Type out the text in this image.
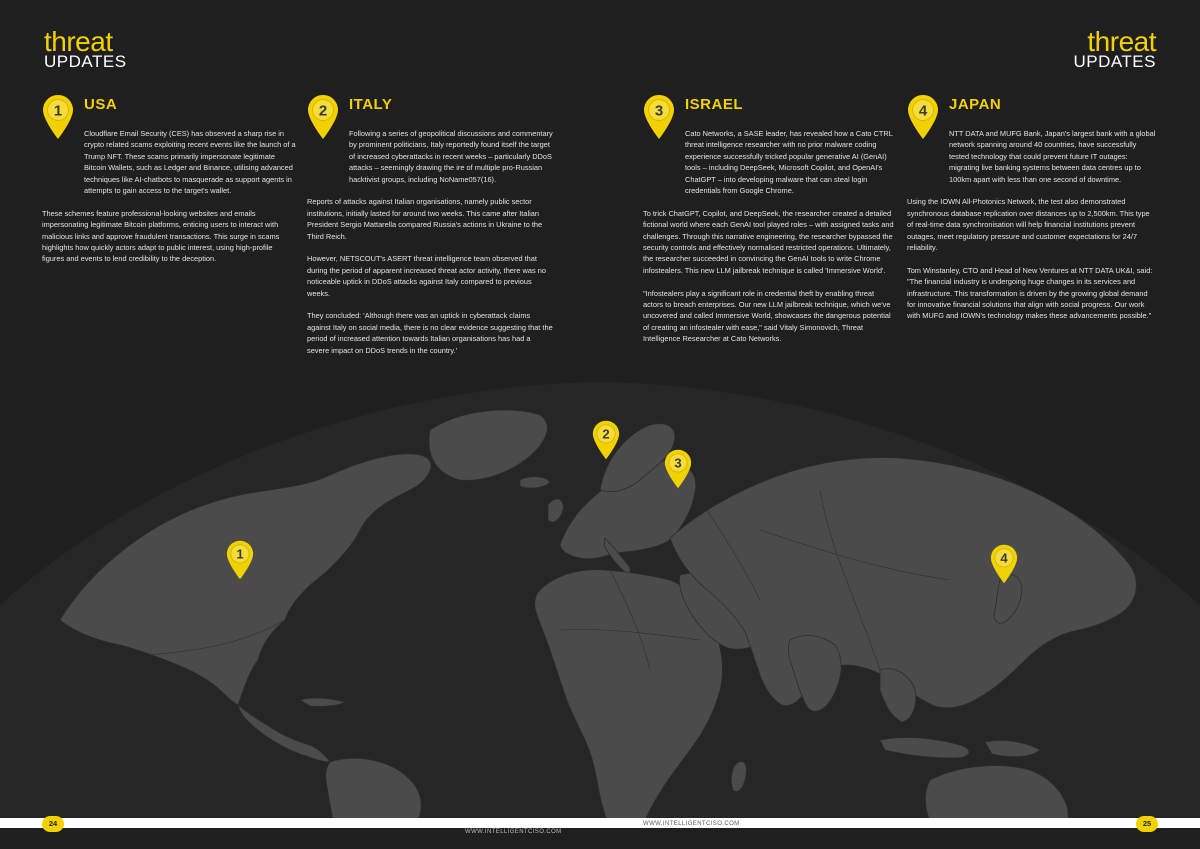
threat
UPDATES
threat
UPDATES
1 USA

Cloudflare Email Security (CES) has observed a sharp rise in crypto related scams exploiting recent events like the launch of a Trump NFT. These scams primarily impersonate legitimate Bitcoin Wallets, such as Ledger and Binance, utilising advanced techniques like AI-chatbots to masquerade as support agents in attempts to gain access to the target's wallet.

These schemes feature professional-looking websites and emails impersonating legitimate Bitcoin platforms, enticing users to interact with malicious links and approve fraudulent transactions. This surge in scams highlights how quickly actors adapt to public interest, using high-profile figures and events to lend credibility to the deception.

2 ITALY

Following a series of geopolitical discussions and commentary by prominent politicians, Italy reportedly found itself the target of increased cyberattacks in recent weeks – particularly DDoS attacks – seemingly drawing the ire of multiple pro-Russian hacktivist groups, including NoName057(16).

Reports of attacks against Italian organisations, namely public sector institutions, initially lasted for around two weeks. This came after Italian President Sergio Mattarella compared Russia's actions in Ukraine to the Third Reich.

However, NETSCOUT's ASERT threat intelligence team observed that during the period of apparent increased threat actor activity, there was no noticeable uptick in DDoS attacks against Italy compared to previous weeks.

They concluded: 'Although there was an uptick in cyberattack claims against Italy on social media, there is no clear evidence suggesting that the period of increased attention towards Italian organisations has had a severe impact on DDoS trends in the country.'

3 ISRAEL

Cato Networks, a SASE leader, has revealed how a Cato CTRL threat intelligence researcher with no prior malware coding experience successfully tricked popular generative AI (GenAI) tools – including DeepSeek, Microsoft Copilot, and OpenAI's ChatGPT – into developing malware that can steal login credentials from Google Chrome.

To trick ChatGPT, Copilot, and DeepSeek, the researcher created a detailed fictional world where each GenAI tool played roles – with assigned tasks and challenges. Through this narrative engineering, the researcher bypassed the security controls and effectively normalised restricted operations. Ultimately, the researcher succeeded in convincing the GenAI tools to write Chrome infostealers. This new LLM jailbreak technique is called 'Immersive World'.

"Infostealers play a significant role in credential theft by enabling threat actors to breach enterprises. Our new LLM jailbreak technique, which we've uncovered and called Immersive World, showcases the dangerous potential of creating an infostealer with ease," said Vitaly Simonovich, Threat Intelligence Researcher at Cato Networks.

4 JAPAN

NTT DATA and MUFG Bank, Japan's largest bank with a global network spanning around 40 countries, have successfully tested technology that could prevent future IT outages: migrating live banking systems between data centres up to 100km apart with less than one second of downtime.

Using the IOWN All-Photonics Network, the test also demonstrated synchronous database replication over distances up to 2,500km. This type of real-time data synchronisation will help financial institutions prevent outages, meet regulatory pressure and customer expectations for 24/7 reliability.

Tom Winstanley, CTO and Head of New Ventures at NTT DATA UK&I, said: "The financial industry is undergoing huge changes in its services and infrastructure. This transformation is driven by the growing global demand for innovative financial solutions that align with social progress. Our work with MUFG and IOWN's technology makes these advancements possible."

1
2
3
4
24	25
WWW.INTELLIGENTCISO.COM
WWW.INTELLIGENTCISO.COM
